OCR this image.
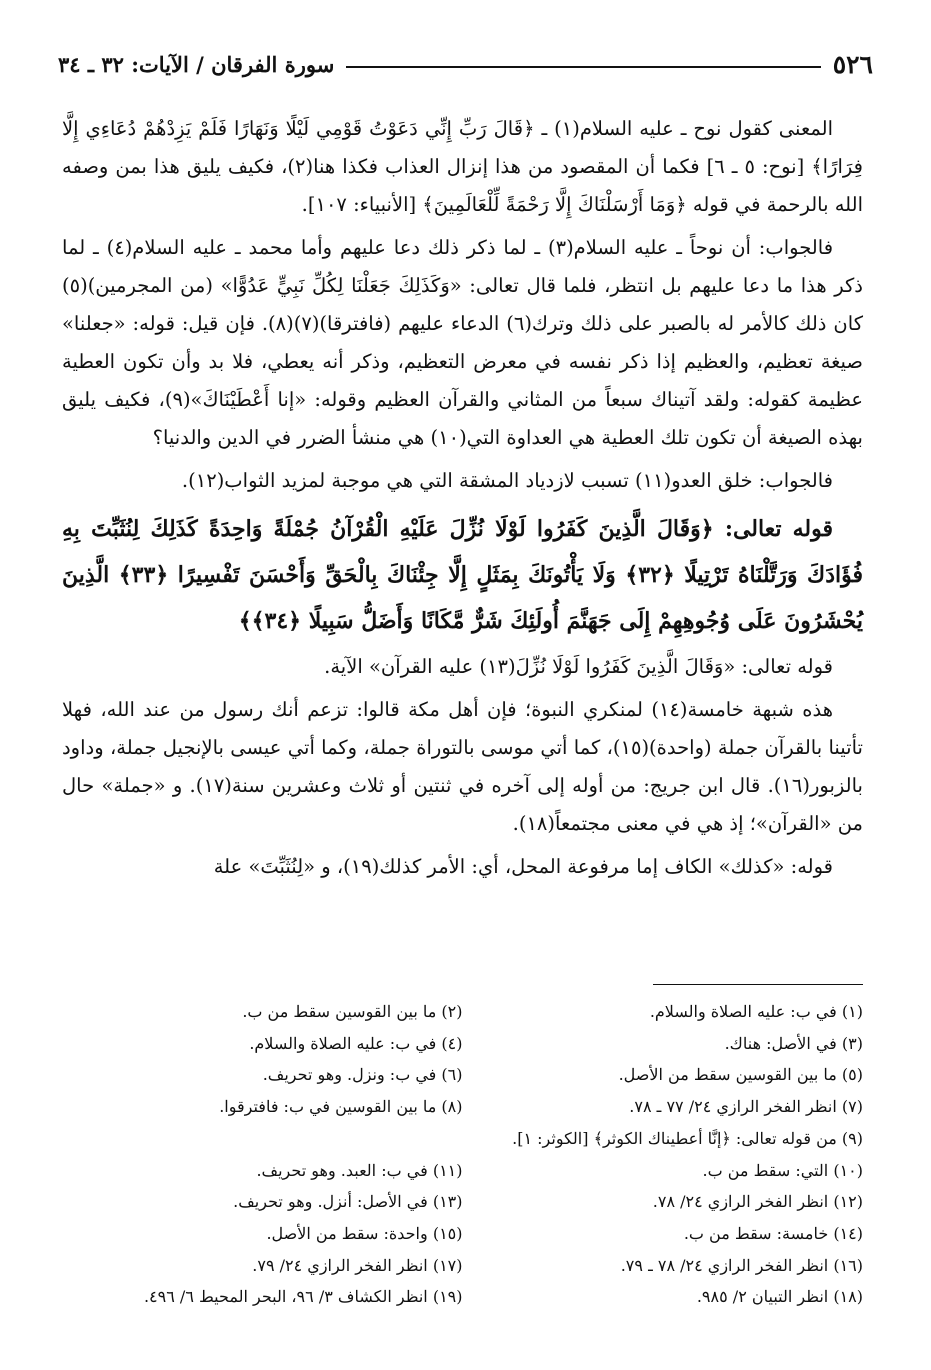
٥٢٦
سورة الفرقان / الآيات: ٣٢ ـ ٣٤

المعنى كقول نوح ـ عليه السلام(١) ـ ﴿قَالَ رَبِّ إِنِّي دَعَوْتُ قَوْمِي لَيْلًا وَنَهَارًا فَلَمْ يَزِدْهُمْ دُعَاءِي إِلَّا فِرَارًا﴾ [نوح: ٥ ـ ٦] فكما أن المقصود من هذا إنزال العذاب فكذا هنا(٢)، فكيف يليق هذا بمن وصفه الله بالرحمة في قوله ﴿وَمَا أَرْسَلْنَاكَ إِلَّا رَحْمَةً لِّلْعَالَمِينَ﴾ [الأنبياء: ١٠٧].

فالجواب: أن نوحاً ـ عليه السلام(٣) ـ لما ذكر ذلك دعا عليهم وأما محمد ـ عليه السلام(٤) ـ لما ذكر هذا ما دعا عليهم بل انتظر، فلما قال تعالى: «وَكَذَلِكَ جَعَلْنَا لِكُلِّ نَبِيٍّ عَدُوًّا» (من المجرمين)(٥) كان ذلك كالأمر له بالصبر على ذلك وترك(٦) الدعاء عليهم (فافترقا)(٧)(٨). فإن قيل: قوله: «جعلنا» صيغة تعظيم، والعظيم إذا ذكر نفسه في معرض التعظيم، وذكر أنه يعطي، فلا بد وأن تكون العطية عظيمة كقوله: ولقد آتيناك سبعاً من المثاني والقرآن العظيم وقوله: «إنا أَعْطَيْنَاكَ»(٩)، فكيف يليق بهذه الصيغة أن تكون تلك العطية هي العداوة التي(١٠) هي منشأ الضرر في الدين والدنيا؟

فالجواب: خلق العدو(١١) تسبب لازدياد المشقة التي هي موجبة لمزيد الثواب(١٢).

قوله تعالى: ﴿وَقَالَ الَّذِينَ كَفَرُوا لَوْلَا نُزِّلَ عَلَيْهِ الْقُرْآنُ جُمْلَةً وَاحِدَةً كَذَلِكَ لِنُثَبِّتَ بِهِ فُؤَادَكَ وَرَتَّلْنَاهُ تَرْتِيلًا ﴿٣٢﴾ وَلَا يَأْتُونَكَ بِمَثَلٍ إِلَّا جِئْنَاكَ بِالْحَقِّ وَأَحْسَنَ تَفْسِيرًا ﴿٣٣﴾ الَّذِينَ يُحْشَرُونَ عَلَى وُجُوهِهِمْ إِلَى جَهَنَّمَ أُولَئِكَ شَرٌّ مَّكَانًا وَأَضَلُّ سَبِيلًا ﴿٣٤﴾﴾

قوله تعالى: «وَقَالَ الَّذِينَ كَفَرُوا لَوْلَا نُزِّلَ(١٣) عليه القرآن» الآية.

هذه شبهة خامسة(١٤) لمنكري النبوة؛ فإن أهل مكة قالوا: تزعم أنك رسول من عند الله، فهلا تأتينا بالقرآن جملة (واحدة)(١٥)، كما أتي موسى بالتوراة جملة، وكما أتي عيسى بالإنجيل جملة، وداود بالزبور(١٦). قال ابن جريج: من أوله إلى آخره في ثنتين أو ثلاث وعشرين سنة(١٧). و «جملة» حال من «القرآن»؛ إذ هي في معنى مجتمعاً(١٨).

قوله: «كذلك» الكاف إما مرفوعة المحل، أي: الأمر كذلك(١٩)، و «لِنُثَبِّتَ» علة

(١) في ب: عليه الصلاة والسلام.
(٢) ما بين القوسين سقط من ب.
(٣) في الأصل: هناك.
(٤) في ب: عليه الصلاة والسلام.
(٥) ما بين القوسين سقط من الأصل.
(٦) في ب: ونزل. وهو تحريف.
(٧) انظر الفخر الرازي ٢٤/ ٧٧ ـ ٧٨.
(٨) ما بين القوسين في ب: فافترقوا.
(٩) من قوله تعالى: ﴿إنَّا أعطيناك الكوثر﴾ [الكوثر: ١].
(١٠) التي: سقط من ب.
(١١) في ب: العبد. وهو تحريف.
(١٢) انظر الفخر الرازي ٢٤/ ٧٨.
(١٣) في الأصل: أنزل. وهو تحريف.
(١٤) خامسة: سقط من ب.
(١٥) واحدة: سقط من الأصل.
(١٦) انظر الفخر الرازي ٢٤/ ٧٨ ـ ٧٩.
(١٧) انظر الفخر الرازي ٢٤/ ٧٩.
(١٨) انظر التبيان ٢/ ٩٨٥.
(١٩) انظر الكشاف ٣/ ٩٦، البحر المحيط ٦/ ٤٩٦.
